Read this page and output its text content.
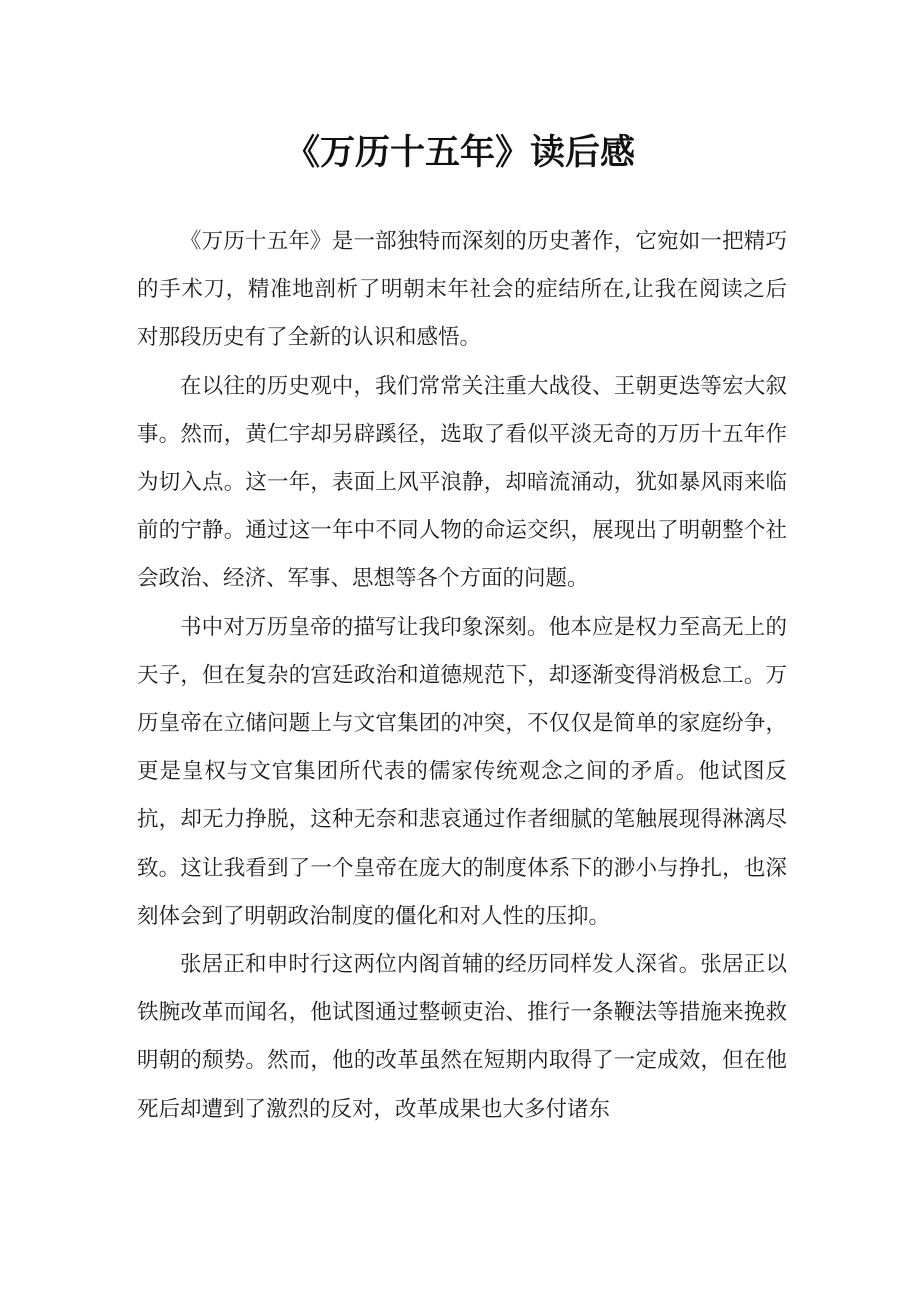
《万历十五年》读后感

《万历十五年》是一部独特而深刻的历史著作，它宛如一把精巧的手术刀，精准地剖析了明朝末年社会的症结所在,让我在阅读之后对那段历史有了全新的认识和感悟。

在以往的历史观中，我们常常关注重大战役、王朝更迭等宏大叙事。然而，黄仁宇却另辟蹊径，选取了看似平淡无奇的万历十五年作为切入点。这一年，表面上风平浪静，却暗流涌动，犹如暴风雨来临前的宁静。通过这一年中不同人物的命运交织，展现出了明朝整个社会政治、经济、军事、思想等各个方面的问题。

书中对万历皇帝的描写让我印象深刻。他本应是权力至高无上的天子，但在复杂的宫廷政治和道德规范下，却逐渐变得消极怠工。万历皇帝在立储问题上与文官集团的冲突，不仅仅是简单的家庭纷争，更是皇权与文官集团所代表的儒家传统观念之间的矛盾。他试图反抗，却无力挣脱，这种无奈和悲哀通过作者细腻的笔触展现得淋漓尽致。这让我看到了一个皇帝在庞大的制度体系下的渺小与挣扎，也深刻体会到了明朝政治制度的僵化和对人性的压抑。

张居正和申时行这两位内阁首辅的经历同样发人深省。张居正以铁腕改革而闻名，他试图通过整顿吏治、推行一条鞭法等措施来挽救明朝的颓势。然而，他的改革虽然在短期内取得了一定成效，但在他死后却遭到了激烈的反对，改革成果也大多付诸东
